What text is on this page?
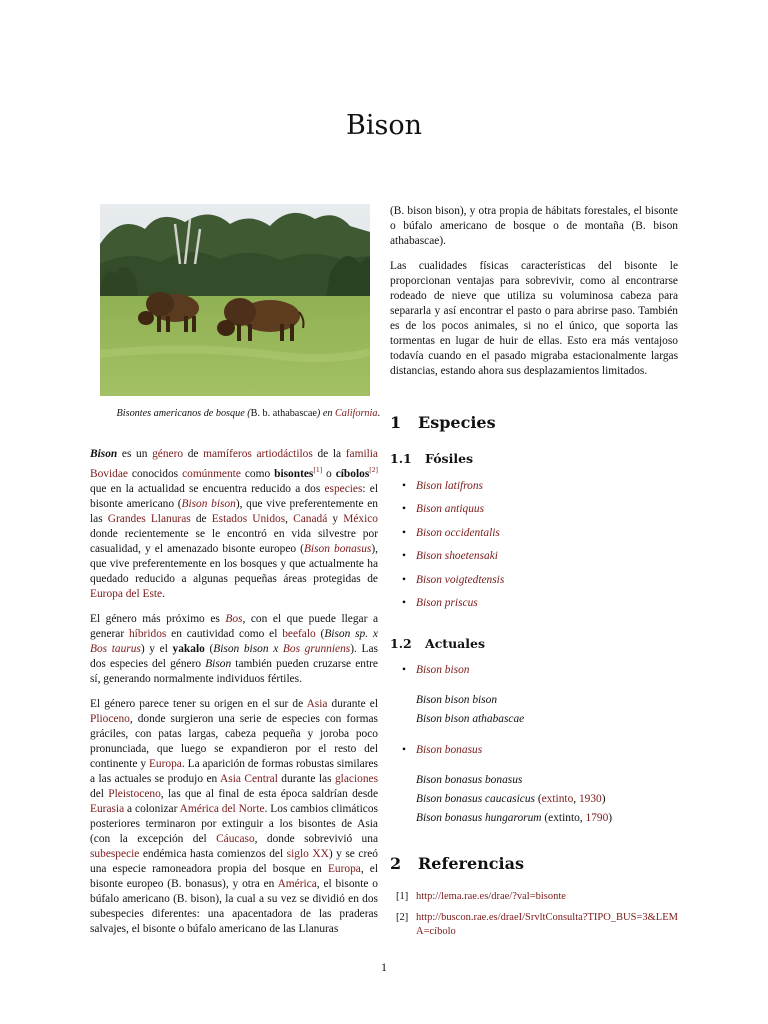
Bison

Bisontes americanos de bosque (B. b. athabascae) en California.

Bison es un género de mamíferos artiodáctilos de la familia Bovidae conocidos comúnmente como bisontes[1] o cíbolos[2] que en la actualidad se encuentra reducido a dos especies: el bisonte americano (Bison bison), que vive preferentemente en las Grandes Llanuras de Estados Unidos, Canadá y México donde recientemente se le encontró en vida silvestre por casualidad, y el amenazado bisonte europeo (Bison bonasus), que vive preferentemente en los bosques y que actualmente ha quedado reducido a algunas pequeñas áreas protegidas de Europa del Este.

El género más próximo es Bos, con el que puede llegar a generar híbridos en cautividad como el beefalo (Bison sp. x Bos taurus) y el yakalo (Bison bison x Bos grunniens). Las dos especies del género Bison también pueden cruzarse entre sí, generando normalmente individuos fértiles.

El género parece tener su origen en el sur de Asia durante el Plioceno, donde surgieron una serie de especies con formas gráciles, con patas largas, cabeza pequeña y joroba poco pronunciada, que luego se expandieron por el resto del continente y Europa. La aparición de formas robustas similares a las actuales se produjo en Asia Central durante las glaciones del Pleistoceno, las que al final de esta época saldrían desde Eurasia a colonizar América del Norte. Los cambios climáticos posteriores terminaron por extinguir a los bisontes de Asia (con la excepción del Cáucaso, donde sobrevivió una subespecie endémica hasta comienzos del siglo XX) y se creó una especie ramoneadora propia del bosque en Europa, el bisonte europeo (B. bonasus), y otra en América, el bisonte o búfalo americano (B. bison), la cual a su vez se dividió en dos subespecies diferentes: una apacentadora de las praderas salvajes, el bisonte o búfalo americano de las Llanuras

(B. bison bison), y otra propia de hábitats forestales, el bisonte o búfalo americano de bosque o de montaña (B. bison athabascae).

Las cualidades físicas características del bisonte le proporcionan ventajas para sobrevivir, como al encontrarse rodeado de nieve que utiliza su voluminosa cabeza para separarla y así encontrar el pasto o para abrirse paso. También es de los pocos animales, si no el único, que soporta las tormentas en lugar de huir de ellas. Esto era más ventajoso todavía cuando en el pasado migraba estacionalmente largas distancias, estando ahora sus desplazamientos limitados.

1 Especies
1.1 Fósiles
• Bison latifrons
• Bison antiquus
• Bison occidentalis
• Bison shoetensaki
• Bison voigtedtensis
• Bison priscus
1.2 Actuales
• Bison bison
Bison bison bison
Bison bison athabascae
• Bison bonasus
Bison bonasus bonasus
Bison bonasus caucasicus (extinto, 1930)
Bison bonasus hungarorum (extinto, 1790)
2 Referencias
[1] http://lema.rae.es/drae/?val=bisonte
[2] http://buscon.rae.es/draeI/SrvltConsulta?TIPO_BUS=3&LEMA=cíbolo
1
